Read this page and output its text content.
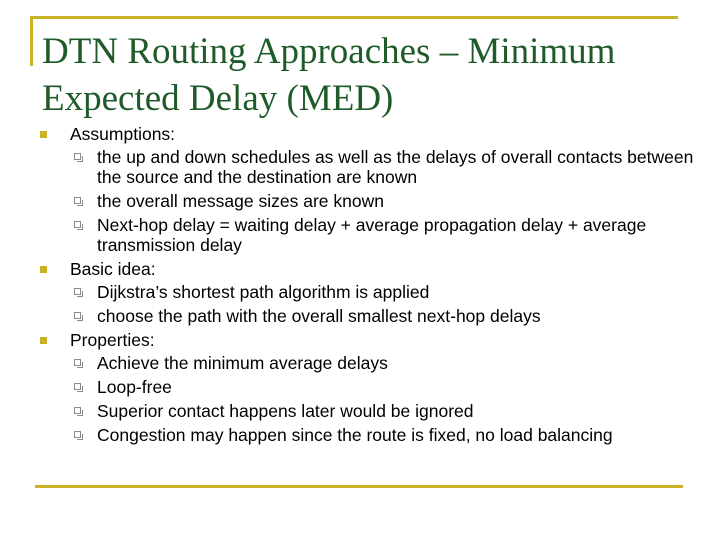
DTN Routing Approaches – Minimum Expected Delay (MED)
Assumptions:
the up and down schedules as well as the delays of overall contacts between the source and the destination are known
the overall message sizes are known
Next-hop delay = waiting delay + average propagation delay + average transmission delay
Basic idea:
Dijkstra’s shortest path algorithm is applied
choose the path with the overall smallest next-hop delays
Properties:
Achieve the minimum average delays
Loop-free
Superior contact happens later would be ignored
Congestion may happen since the route is fixed, no load balancing
